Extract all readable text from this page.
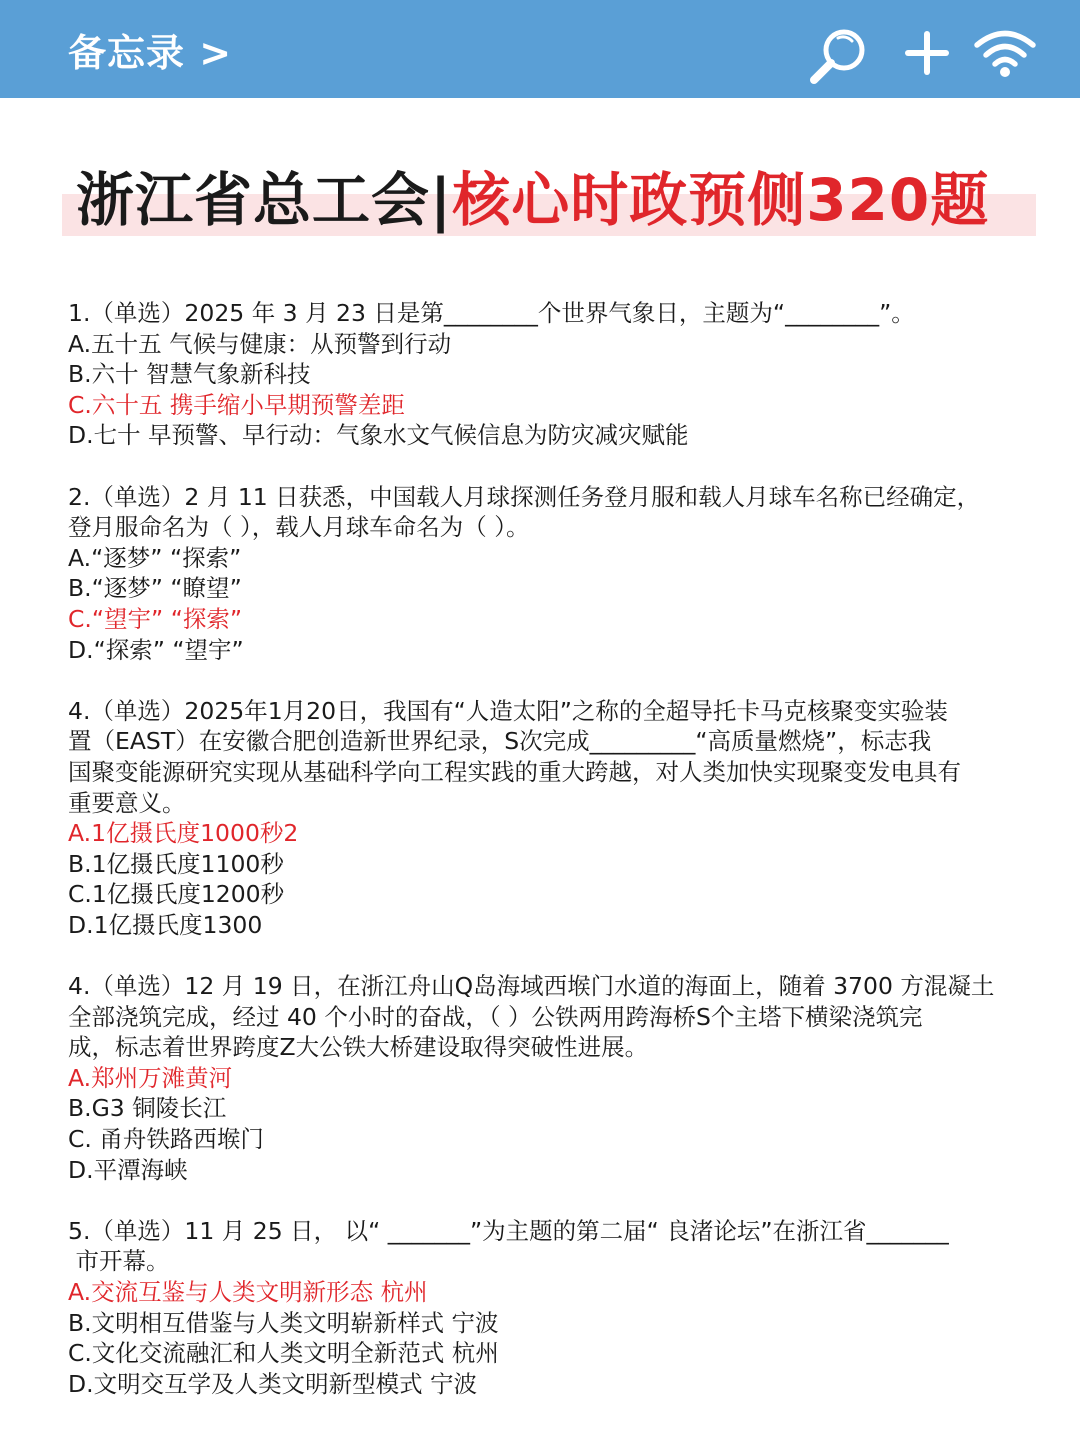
备忘录 >
浙江省总工会|核心时政预侧320题
1.（单选）2025 年 3 月 23 日是第________个世界气象日，主题为“________”。
A.五十五 气候与健康：从预警到行动
B.六十 智慧气象新科技
C.六十五 携手缩小早期预警差距
D.七十 早预警、早行动：气象水文气候信息为防灾减灾赋能
2.（单选）2 月 11 日获悉，中国载人月球探测任务登月服和载人月球车名称已经确定，
登月服命名为（ ），载人月球车命名为（ ）。
A.“逐梦” “探索”
B.“逐梦” “瞭望”
C.“望宇” “探索”
D.“探索” “望宇”
4.（单选）2025年1月20日，我国有“人造太阳”之称的全超导托卡马克核聚变实验装
置（EAST）在安徽合肥创造新世界纪录，S次完成_________“高质量燃烧”，标志我
国聚变能源研究实现从基础科学向工程实践的重大跨越，对人类加快实现聚变发电具有
重要意义。
A.1亿摄氏度1000秒2
B.1亿摄氏度1100秒
C.1亿摄氏度1200秒
D.1亿摄氏度1300
4.（单选）12 月 19 日，在浙江舟山Q岛海域西堠门水道的海面上，随着 3700 方混凝土
全部浇筑完成，经过 40 个小时的奋战，（ ）公铁两用跨海桥S个主塔下横梁浇筑完
成，标志着世界跨度Z大公铁大桥建设取得突破性进展。
A.郑州万滩黄河
B.G3 铜陵长江
C. 甬舟铁路西堠门
D.平潭海峡
5.（单选）11 月 25 日， 以“ _______”为主题的第二届“ 良渚论坛”在浙江省_______
市开幕。
A.交流互鉴与人类文明新形态 杭州
B.文明相互借鉴与人类文明崭新样式 宁波
C.文化交流融汇和人类文明全新范式 杭州
D.文明交互学及人类文明新型模式 宁波
